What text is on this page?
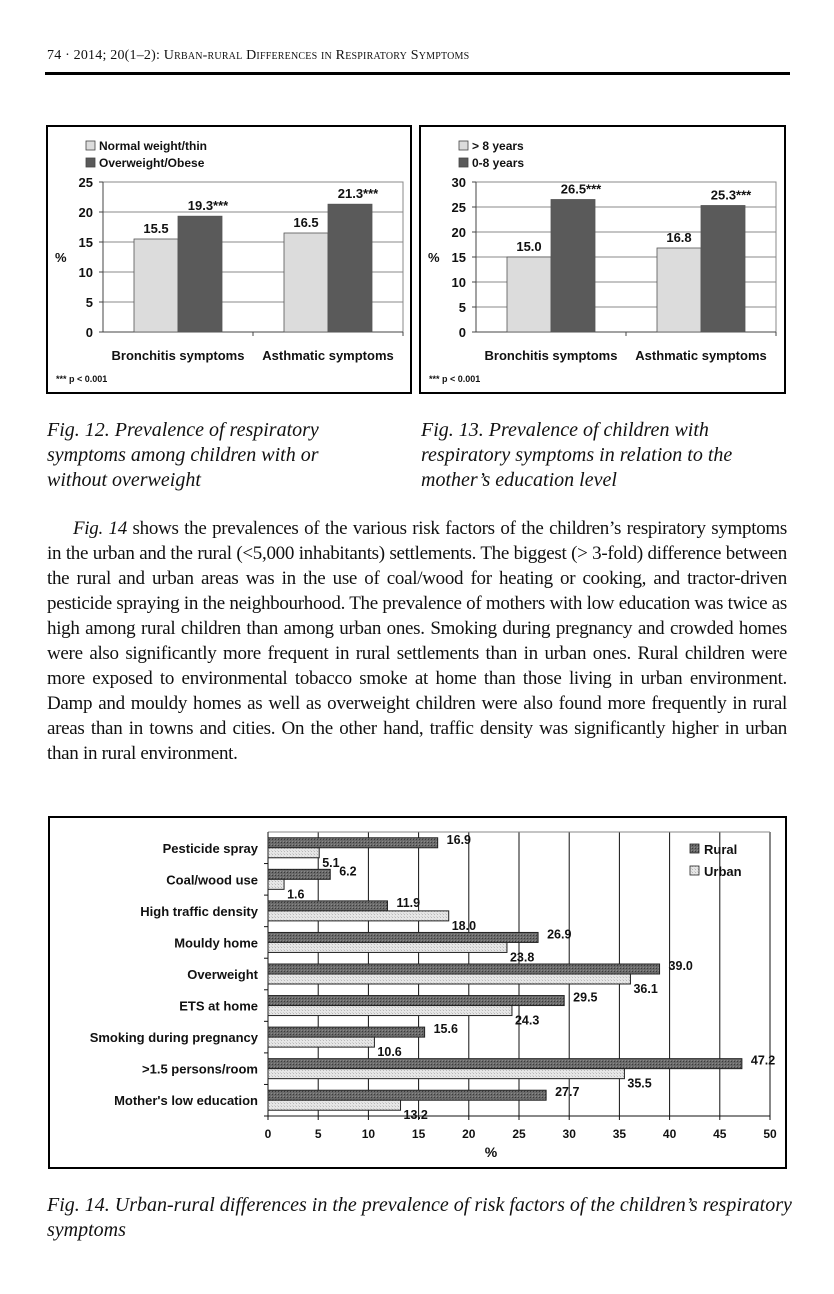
74 · 2014; 20(1–2): Urban-rural Differences in Respiratory Symptoms
Normal weight/thin
Overweight/Obese
0
5
10
15
20
25
%
15.5
19.3***
Bronchitis symptoms
16.5
21.3***
Asthmatic symptoms
*** p < 0.001
> 8 years
0-8 years
0
5
10
15
20
25
30
%
15.0
26.5***
Bronchitis symptoms
16.8
25.3***
Asthmatic symptoms
*** p < 0.001
Fig. 12. Prevalence of respiratory symptoms among children with or without overweight
Fig. 13. Prevalence of children with respiratory symptoms in relation to the mother’s education level

Fig. 14 shows the prevalences of the various risk factors of the children’s respiratory symptoms in the urban and the rural (<5,000 inhabitants) settlements. The biggest (> 3-fold) difference between the rural and urban areas was in the use of coal/wood for heating or cooking, and tractor-driven pesticide spraying in the neighbourhood. The prevalence of mothers with low education was twice as high among rural children than among urban ones. Smoking during pregnancy and crowded homes were also significantly more frequent in rural settlements than in urban ones. Rural children were more exposed to environmental tobacco smoke at home than those living in urban environment. Damp and mouldy homes as well as overweight children were also found more frequently in rural areas than in towns and cities. On the other hand, traffic density was significantly higher in urban than in rural environment.

0	5	10	15	20	25	30	35	40	45	50
%
Pesticide spray
16.9
5.1
Coal/wood use
6.2
1.6
High traffic density
11.9
18.0
Mouldy home
26.9
23.8
Overweight
39.0
36.1
ETS at home
29.5
24.3
Smoking during pregnancy
15.6
10.6
>1.5 persons/room
47.2
35.5
Mother's low education
27.7
13.2
Rural
Urban
Fig. 14. Urban-rural differences in the prevalence of risk factors of the children’s respiratory symptoms
